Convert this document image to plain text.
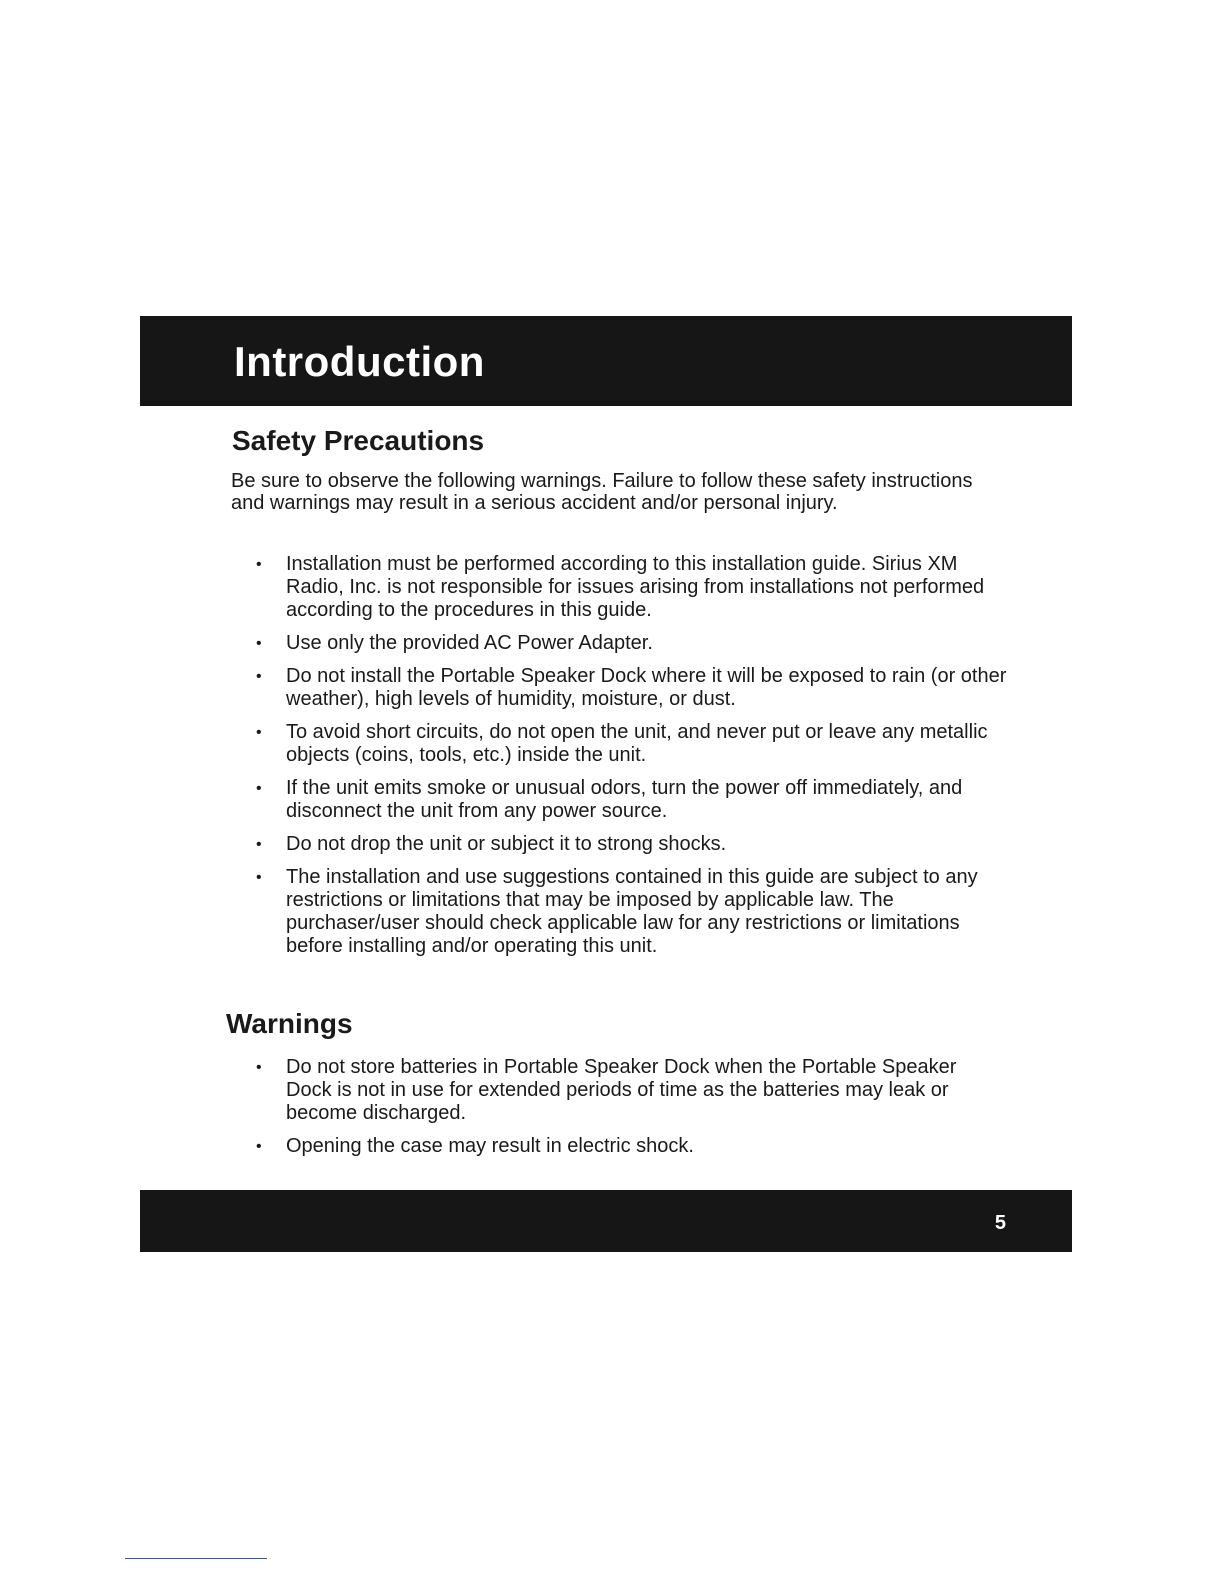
Introduction
Safety Precautions

Be sure to observe the following warnings. Failure to follow these safety instructions and warnings may result in a serious accident and/or personal injury.

• Installation must be performed according to this installation guide. Sirius XM Radio, Inc. is not responsible for issues arising from installations not performed according to the procedures in this guide.
• Use only the provided AC Power Adapter.
• Do not install the Portable Speaker Dock where it will be exposed to rain (or other weather), high levels of humidity, moisture, or dust.
• To avoid short circuits, do not open the unit, and never put or leave any metallic objects (coins, tools, etc.) inside the unit.
• If the unit emits smoke or unusual odors, turn the power off immediately, and disconnect the unit from any power source.
• Do not drop the unit or subject it to strong shocks.
• The installation and use suggestions contained in this guide are subject to any restrictions or limitations that may be imposed by applicable law. The purchaser/user should check applicable law for any restrictions or limitations before installing and/or operating this unit.
Warnings
• Do not store batteries in Portable Speaker Dock when the Portable Speaker Dock is not in use for extended periods of time as the batteries may leak or become discharged.
• Opening the case may result in electric shock.
5
